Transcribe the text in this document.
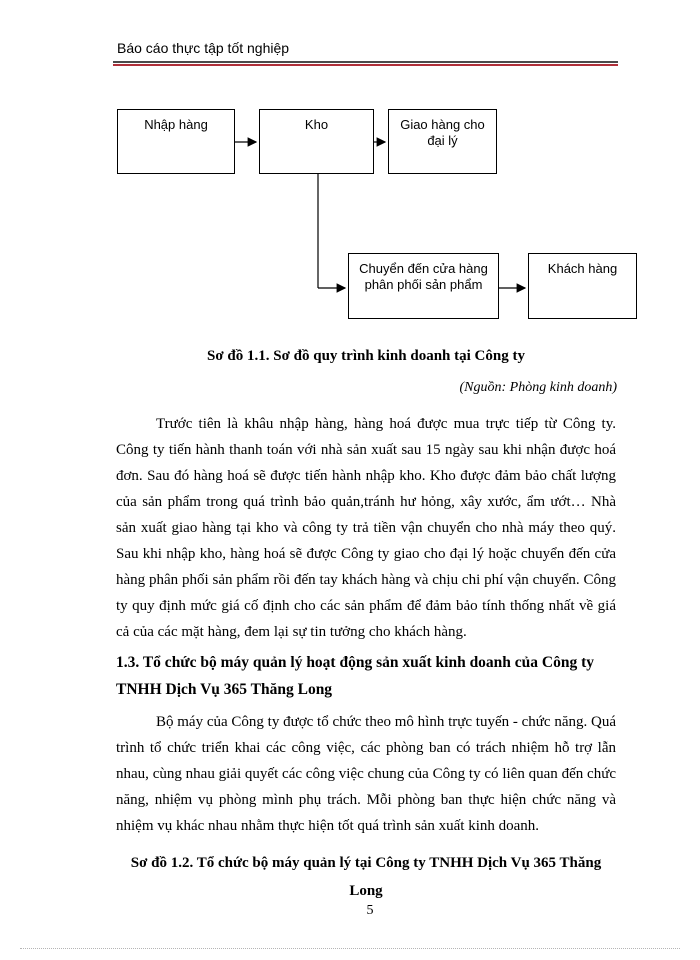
Báo cáo thực tập tốt nghiệp
Nhập hàng	Kho	Giao hàng cho đại lý
Chuyển đến cửa hàng phân phối sản phẩm
Khách hàng
Sơ đồ 1.1. Sơ đồ quy trình kinh doanh tại Công ty
(Nguồn: Phòng kinh doanh)

Trước tiên là khâu nhập hàng, hàng hoá được mua trực tiếp từ Công ty. Công ty tiến hành thanh toán với nhà sản xuất sau 15 ngày sau khi nhận được hoá đơn. Sau đó hàng hoá sẽ được tiến hành nhập kho. Kho được đảm bảo chất lượng của sản phẩm trong quá trình bảo quản,tránh hư hỏng, xây xước, ẩm ướt… Nhà sản xuất giao hàng tại kho và công ty trả tiền vận chuyển cho nhà máy theo quý. Sau khi nhập kho, hàng hoá sẽ được Công ty giao cho đại lý hoặc chuyển đến cửa hàng phân phối sản phẩm rồi đến tay khách hàng và chịu chi phí vận chuyển. Công ty quy định mức giá cố định cho các sản phẩm để đảm bảo tính thống nhất về giá cả của các mặt hàng, đem lại sự tin tưởng cho khách hàng.

1.3. Tổ chức bộ máy quản lý hoạt động sản xuất kinh doanh của Công ty TNHH Dịch Vụ 365 Thăng Long

Bộ máy của Công ty được tổ chức theo mô hình trực tuyến - chức năng. Quá trình tổ chức triển khai các công việc, các phòng ban có trách nhiệm hỗ trợ lẫn nhau, cùng nhau giải quyết các công việc chung của Công ty có liên quan đến chức năng, nhiệm vụ phòng mình phụ trách. Mỗi phòng ban thực hiện chức năng và nhiệm vụ khác nhau nhằm thực hiện tốt quá trình sản xuất kinh doanh.

Sơ đồ 1.2. Tổ chức bộ máy quản lý tại Công ty TNHH Dịch Vụ 365 Thăng Long
5
